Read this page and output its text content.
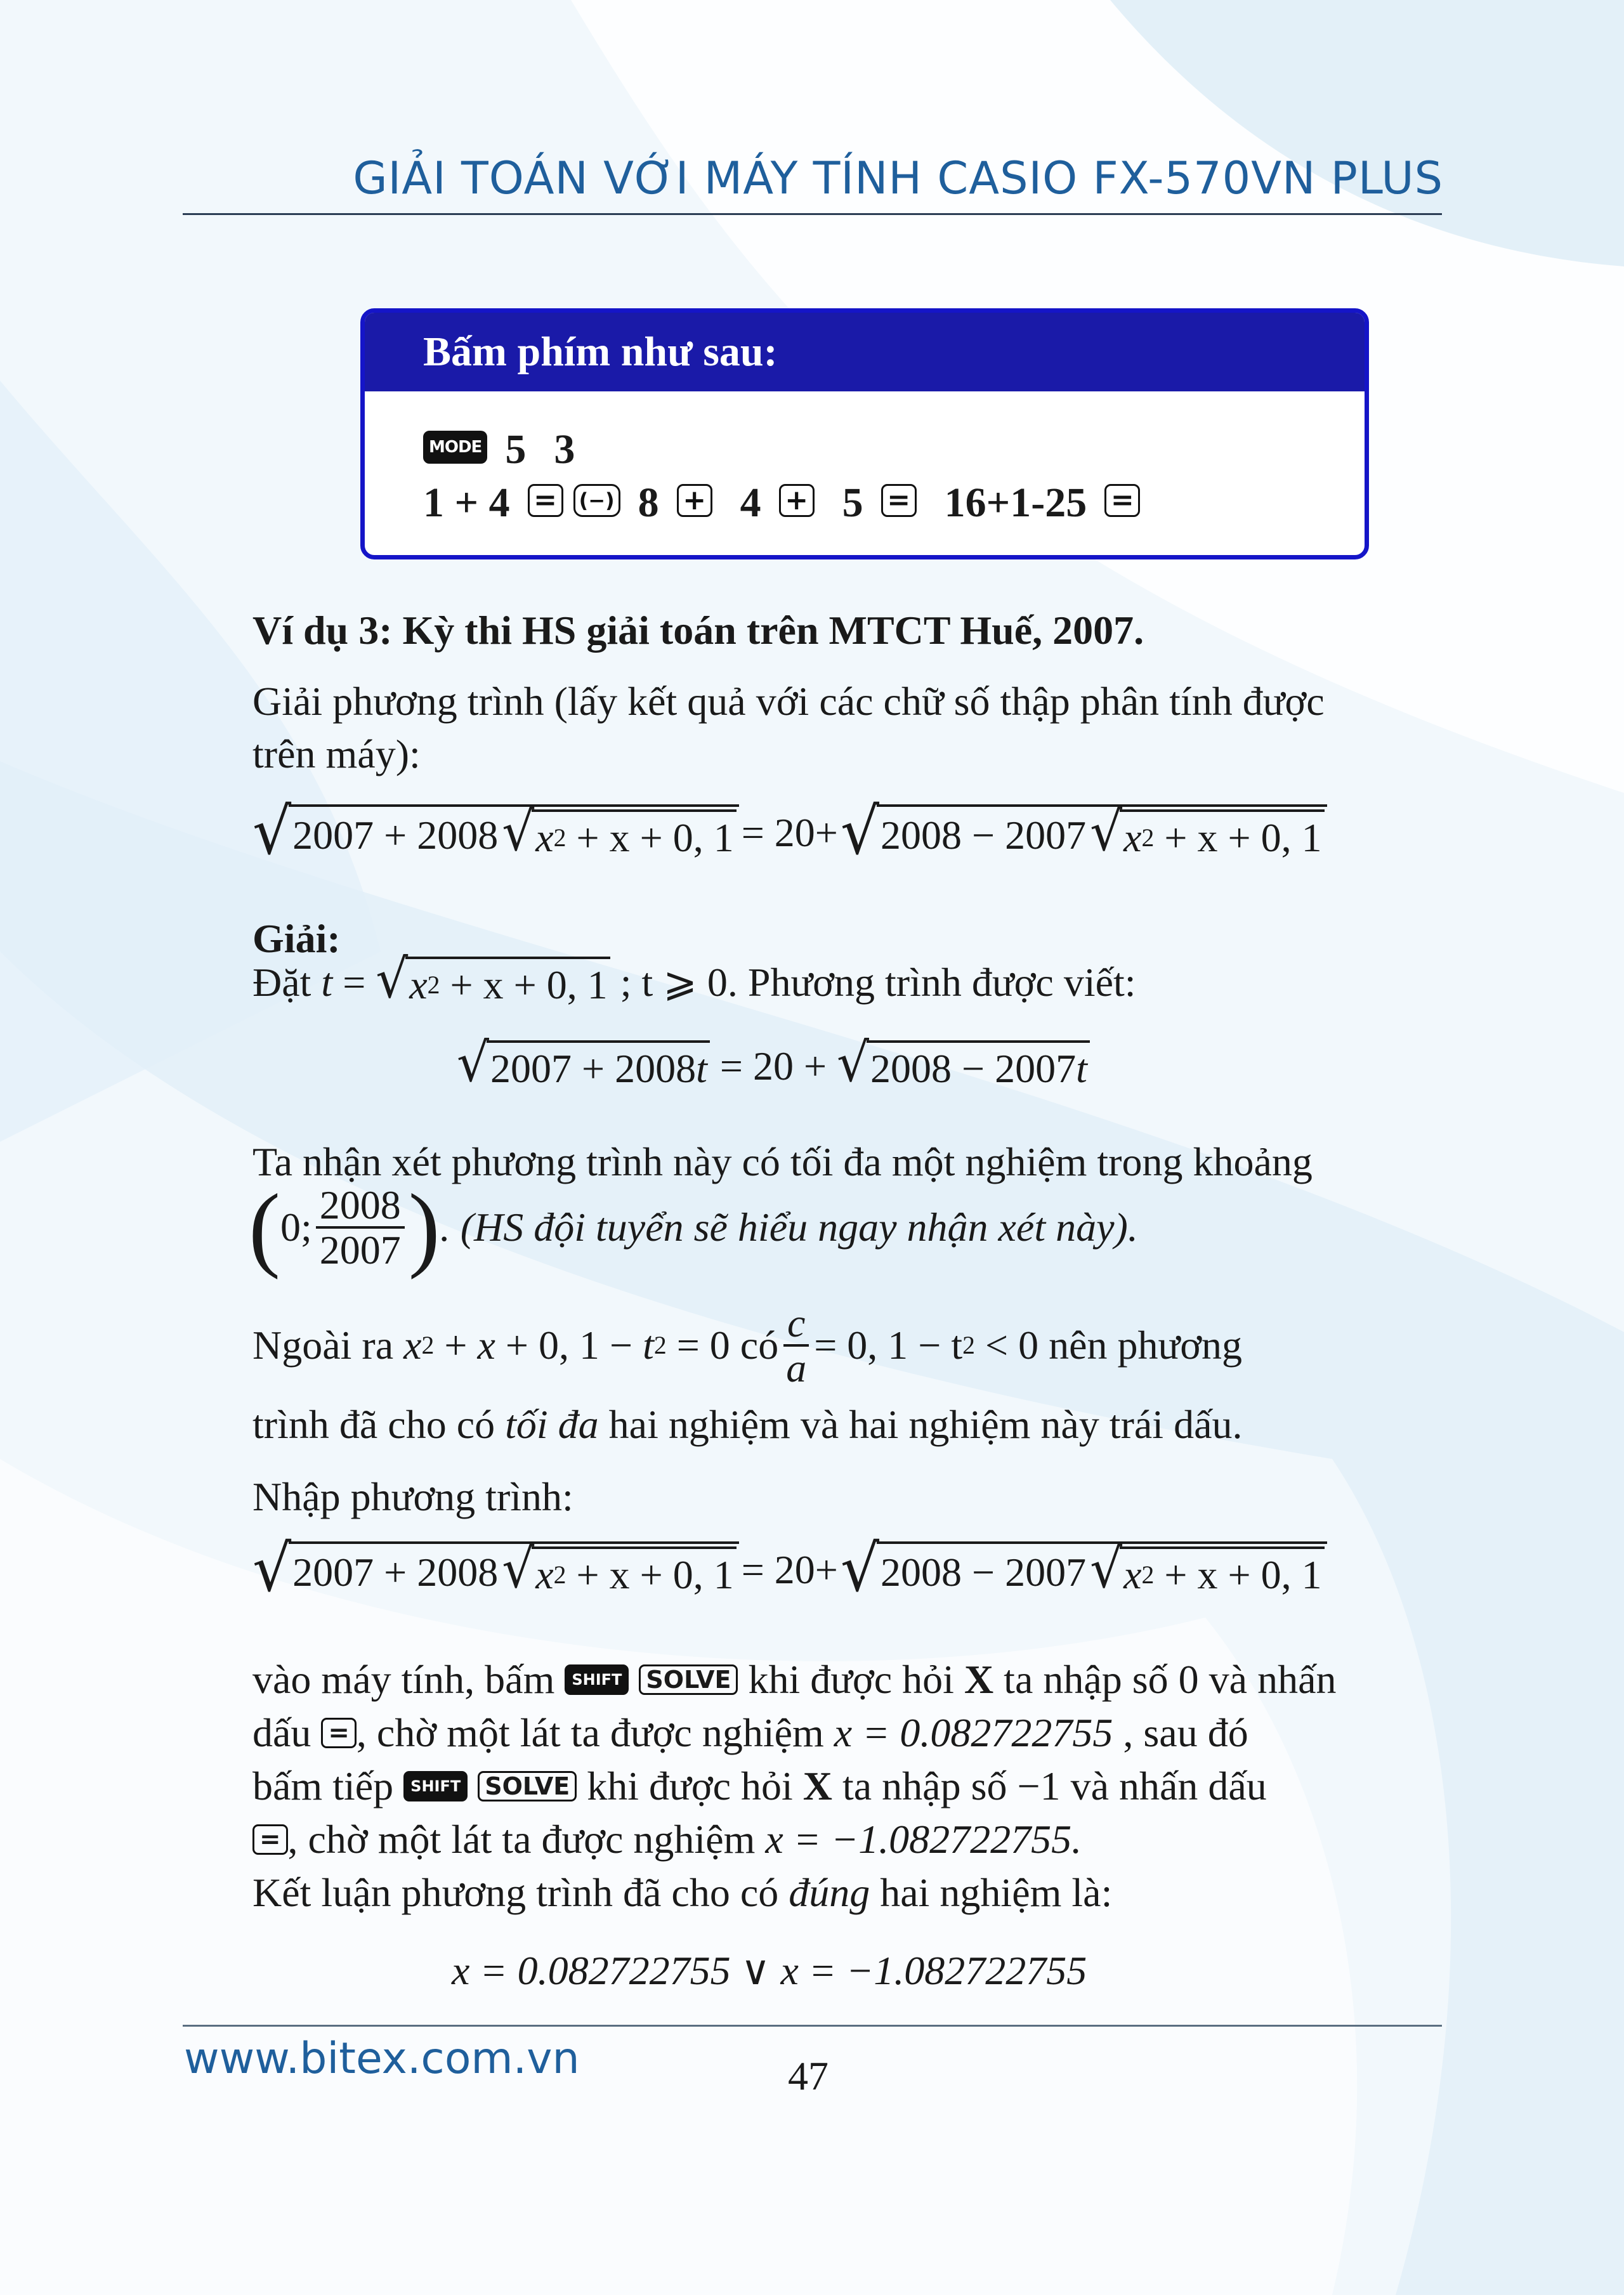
GIẢI TOÁN VỚI MÁY TÍNH CASIO FX-570VN PLUS
Bấm phím như sau:
MODE 5 3
1 + 4 = (−) 8 + 4 + 5 = 16+1-25 =
Ví dụ 3: Kỳ thi HS giải toán trên MTCT Huế, 2007.
Giải phương trình (lấy kết quả với các chữ số thập phân tính được trên máy):
√ 2007 + 2008 √ x 2
+ x + 0, 1 = 20+ √ 2008 − 2007 √ x 2
+ x + 0, 1
Giải:
Đặt
t = √ x 2
+ x + 0, 1
; t ⩾ 0. Phương trình được viết:
√ 2007 + 2008 t
= 20 +
√ 2008 − 2007 t
Ta nhận xét phương trình này có tối đa một nghiệm trong khoảng
( 0; $\frac{2008}{2007}$ ) . (HS đội tuyển sẽ hiểu ngay nhận xét này).
Ngoài ra
x 2 + x + 0, 1 − t 2
= 0 có $\frac{c}{a} = 0$, 1 − t 2
< 0 nên phương
trình đã cho có tối đa hai nghiệm và hai nghiệm này trái dấu.
Nhập phương trình:
√ 2007 + 2008 √ x 2
+ x + 0, 1 = 20+ √ 2008 − 2007 √ x 2
+ x + 0, 1
vào máy tính, bấm SHIFT SOLVE khi được hỏi X ta nhập số 0 và nhấn
dấu = , chờ một lát ta được nghiệm x = 0.082722755 , sau đó
bấm tiếp SHIFT SOLVE khi được hỏi X ta nhập số −1 và nhấn dấu
= , chờ một lát ta được nghiệm x = −1.082722755.
Kết luận phương trình đã cho có đúng hai nghiệm là:
x = 0.082722755 ∨ x = −1.082722755
www.bitex.com.vn	47
